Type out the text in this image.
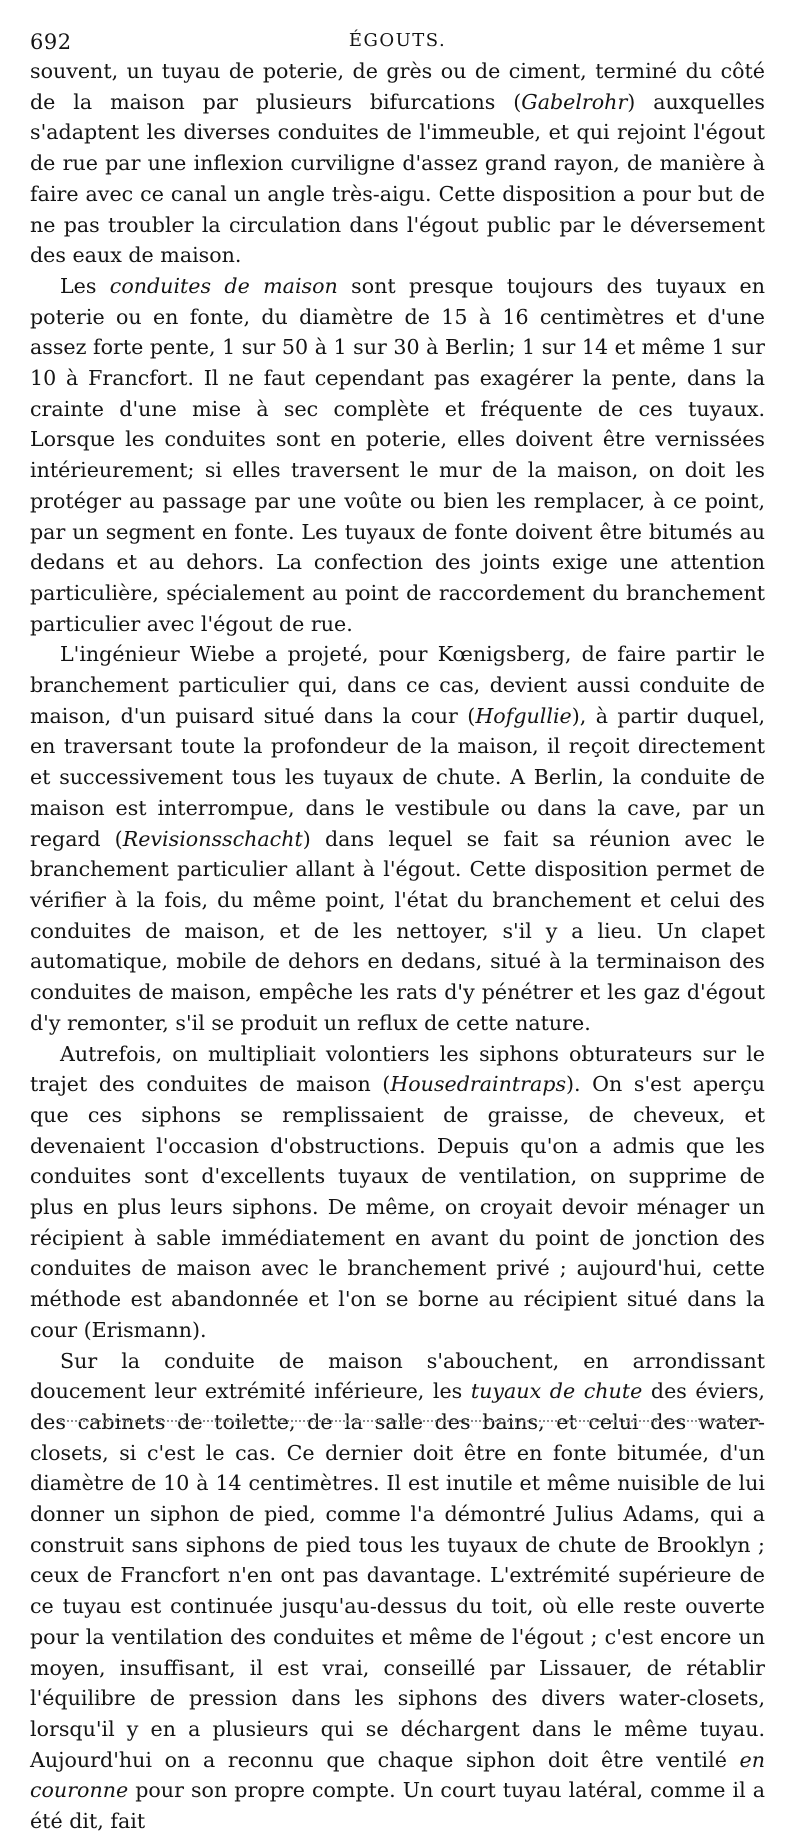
692	ÉGOUTS.

souvent, un tuyau de poterie, de grès ou de ciment, terminé du côté de la maison par plusieurs bifurcations (Gabelrohr) auxquelles s'adaptent les diverses conduites de l'immeuble, et qui rejoint l'égout de rue par une inflexion curviligne d'assez grand rayon, de manière à faire avec ce canal un angle très-aigu. Cette disposition a pour but de ne pas troubler la circulation dans l'égout public par le déversement des eaux de maison.

Les conduites de maison sont presque toujours des tuyaux en poterie ou en fonte, du diamètre de 15 à 16 centimètres et d'une assez forte pente, 1 sur 50 à 1 sur 30 à Berlin; 1 sur 14 et même 1 sur 10 à Francfort. Il ne faut cependant pas exagérer la pente, dans la crainte d'une mise à sec complète et fréquente de ces tuyaux. Lorsque les conduites sont en poterie, elles doivent être vernissées intérieurement; si elles traversent le mur de la maison, on doit les protéger au passage par une voûte ou bien les remplacer, à ce point, par un segment en fonte. Les tuyaux de fonte doivent être bitumés au dedans et au dehors. La confection des joints exige une attention particulière, spécialement au point de raccordement du branchement particulier avec l'égout de rue.

L'ingénieur Wiebe a projeté, pour Kœnigsberg, de faire partir le branchement particulier qui, dans ce cas, devient aussi conduite de maison, d'un puisard situé dans la cour (Hofgullie), à partir duquel, en traversant toute la profondeur de la maison, il reçoit directement et successivement tous les tuyaux de chute. A Berlin, la conduite de maison est interrompue, dans le vestibule ou dans la cave, par un regard (Revisionsschacht) dans lequel se fait sa réunion avec le branchement particulier allant à l'égout. Cette disposition permet de vérifier à la fois, du même point, l'état du branchement et celui des conduites de maison, et de les nettoyer, s'il y a lieu. Un clapet automatique, mobile de dehors en dedans, situé à la terminaison des conduites de maison, empêche les rats d'y pénétrer et les gaz d'égout d'y remonter, s'il se produit un reflux de cette nature.

Autrefois, on multipliait volontiers les siphons obturateurs sur le trajet des conduites de maison (Housedraintraps). On s'est aperçu que ces siphons se remplissaient de graisse, de cheveux, et devenaient l'occasion d'obstructions. Depuis qu'on a admis que les conduites sont d'excellents tuyaux de ventilation, on supprime de plus en plus leurs siphons. De même, on croyait devoir ménager un récipient à sable immédiatement en avant du point de jonction des conduites de maison avec le branchement privé ; aujourd'hui, cette méthode est abandonnée et l'on se borne au récipient situé dans la cour (Erismann).

Sur la conduite de maison s'abouchent, en arrondissant doucement leur extrémité inférieure, les tuyaux de chute des éviers, des cabinets de toilette, de la salle des bains, et celui des water-closets, si c'est le cas. Ce dernier doit être en fonte bitumée, d'un diamètre de 10 à 14 centimètres. Il est inutile et même nuisible de lui donner un siphon de pied, comme l'a démontré Julius Adams, qui a construit sans siphons de pied tous les tuyaux de chute de Brooklyn ; ceux de Francfort n'en ont pas davantage. L'extrémité supérieure de ce tuyau est continuée jusqu'au-dessus du toit, où elle reste ouverte pour la ventilation des conduites et même de l'égout ; c'est encore un moyen, insuffisant, il est vrai, conseillé par Lissauer, de rétablir l'équilibre de pression dans les siphons des divers water-closets, lorsqu'il y en a plusieurs qui se déchargent dans le même tuyau. Aujourd'hui on a reconnu que chaque siphon doit être ventilé en couronne pour son propre compte. Un court tuyau latéral, comme il a été dit, fait
